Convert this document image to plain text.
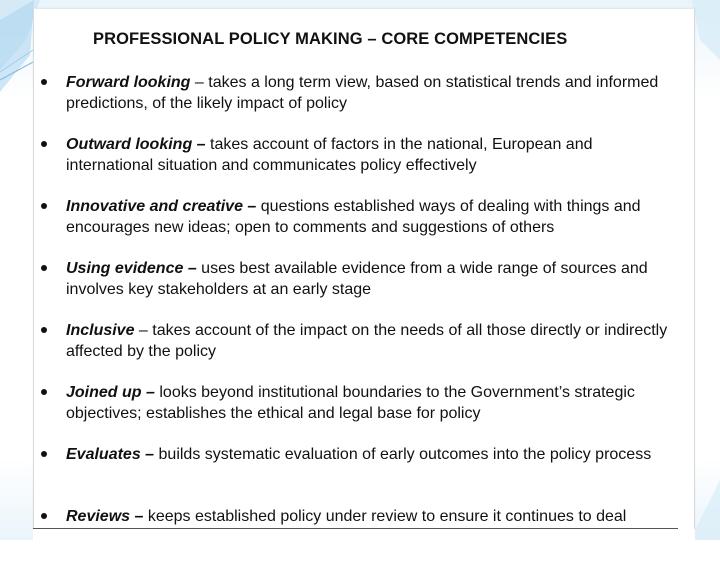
PROFESSIONAL POLICY MAKING – CORE COMPETENCIES
Forward looking – takes a long term view, based on statistical trends and informed predictions, of the likely impact of policy
Outward looking – takes account of factors in the national, European and international situation and communicates policy effectively
Innovative and creative – questions established ways of dealing with things and encourages new ideas; open to comments and suggestions of others
Using evidence – uses best available evidence from a wide range of sources and involves key stakeholders at an early stage
Inclusive – takes account of the impact on the needs of all those directly or indirectly affected by the policy
Joined up – looks beyond institutional boundaries to the Government’s strategic objectives; establishes the ethical and legal base for policy
Evaluates – builds systematic evaluation of early outcomes into the policy process
Reviews – keeps established policy under review to ensure it continues to deal
